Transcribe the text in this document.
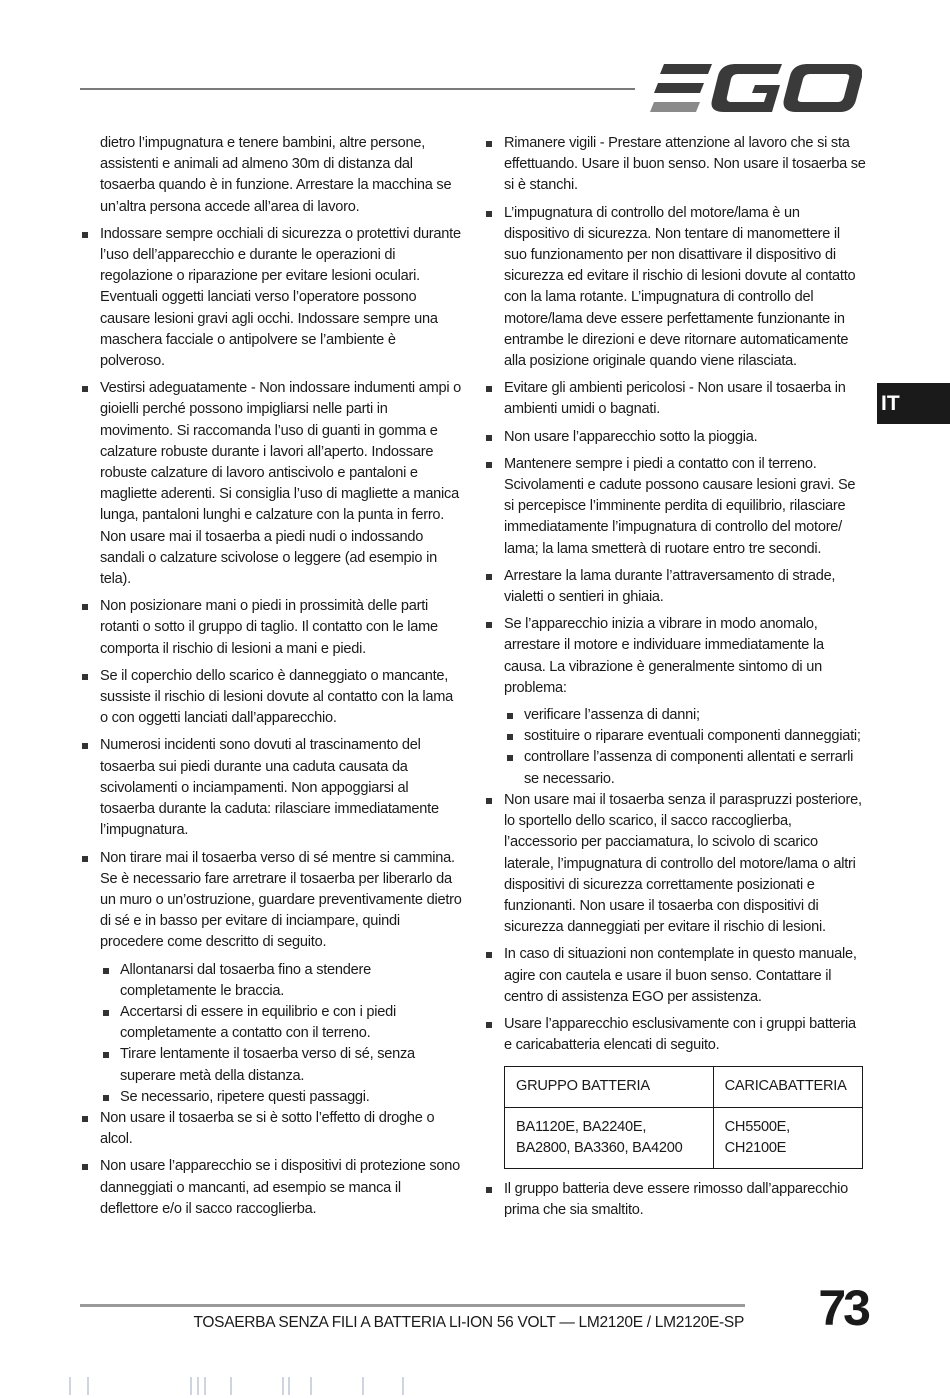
IT
dietro l’impugnatura e tenere bambini, altre persone, assistenti e animali ad almeno 30m di distanza dal tosaerba quando è in funzione. Arrestare la macchina se un’altra persona accede all’area di lavoro.
Indossare sempre occhiali di sicurezza o protettivi durante l’uso dell’apparecchio e durante le operazioni di regolazione o riparazione per evitare lesioni oculari. Eventuali oggetti lanciati verso l’operatore possono causare lesioni gravi agli occhi. Indossare sempre una maschera facciale o antipolvere se l’ambiente è polveroso.
Vestirsi adeguatamente - Non indossare indumenti ampi o gioielli perché possono impigliarsi nelle parti in movimento. Si raccomanda l’uso di guanti in gomma e calzature robuste durante i lavori all’aperto. Indossare robuste calzature di lavoro antiscivolo e pantaloni e magliette aderenti. Si consiglia l’uso di magliette a manica lunga, pantaloni lunghi e calzature con la punta in ferro. Non usare mai il tosaerba a piedi nudi o indossando sandali o calzature scivolose o leggere (ad esempio in tela).
Non posizionare mani o piedi in prossimità delle parti rotanti o sotto il gruppo di taglio. Il contatto con le lame comporta il rischio di lesioni a mani e piedi.
Se il coperchio dello scarico è danneggiato o mancante, sussiste il rischio di lesioni dovute al contatto con la lama o con oggetti lanciati dall’apparecchio.
Numerosi incidenti sono dovuti al trascinamento del tosaerba sui piedi durante una caduta causata da scivolamenti o inciampamenti. Non appoggiarsi al tosaerba durante la caduta: rilasciare immediatamente l’impugnatura.
Non tirare mai il tosaerba verso di sé mentre si cammina. Se è necessario fare arretrare il tosaerba per liberarlo da un muro o un’ostruzione, guardare preventivamente dietro di sé e in basso per evitare di inciampare, quindi procedere come descritto di seguito.
Allontanarsi dal tosaerba fino a stendere completamente le braccia.
Accertarsi di essere in equilibrio e con i piedi completamente a contatto con il terreno.
Tirare lentamente il tosaerba verso di sé, senza superare metà della distanza.
Se necessario, ripetere questi passaggi.
Non usare il tosaerba se si è sotto l’effetto di droghe o alcol.
Non usare l’apparecchio se i dispositivi di protezione sono danneggiati o mancanti, ad esempio se manca il deflettore e/o il sacco raccoglierba.
Rimanere vigili - Prestare attenzione al lavoro che si sta effettuando. Usare il buon senso. Non usare il tosaerba se si è stanchi.
L’impugnatura di controllo del motore/lama è un dispositivo di sicurezza. Non tentare di manomettere il suo funzionamento per non disattivare il dispositivo di sicurezza ed evitare il rischio di lesioni dovute al contatto con la lama rotante. L’impugnatura di controllo del motore/lama deve essere perfettamente funzionante in entrambe le direzioni e deve ritornare automaticamente alla posizione originale quando viene rilasciata.
Evitare gli ambienti pericolosi - Non usare il tosaerba in ambienti umidi o bagnati.
Non usare l’apparecchio sotto la pioggia.
Mantenere sempre i piedi a contatto con il terreno. Scivolamenti e cadute possono causare lesioni gravi. Se si percepisce l’imminente perdita di equilibrio, rilasciare immediatamente l’impugnatura di controllo del motore/ lama; la lama smetterà di ruotare entro tre secondi.
Arrestare la lama durante l’attraversamento di strade, vialetti o sentieri in ghiaia.
Se l’apparecchio inizia a vibrare in modo anomalo, arrestare il motore e individuare immediatamente la causa. La vibrazione è generalmente sintomo di un problema:
verificare l’assenza di danni;
sostituire o riparare eventuali componenti danneggiati;
controllare l’assenza di componenti allentati e serrarli se necessario.
Non usare mai il tosaerba senza il paraspruzzi posteriore, lo sportello dello scarico, il sacco raccoglierba, l’accessorio per pacciamatura, lo scivolo di scarico laterale, l’impugnatura di controllo del motore/lama o altri dispositivi di sicurezza correttamente posizionati e funzionanti. Non usare il tosaerba con dispositivi di sicurezza danneggiati per evitare il rischio di lesioni.
In caso di situazioni non contemplate in questo manuale, agire con cautela e usare il buon senso. Contattare il centro di assistenza EGO per assistenza.
Usare l’apparecchio esclusivamente con i gruppi batteria e caricabatteria elencati di seguito.
GRUPPO BATTERIA	CARICABATTERIA
BA1120E, BA2240E, BA2800, BA3360, BA4200	CH5500E, CH2100E
Il gruppo batteria deve essere rimosso dall’apparecchio prima che sia smaltito.
TOSAERBA SENZA FILI A BATTERIA LI-ION 56 VOLT — LM2120E / LM2120E-SP 73
